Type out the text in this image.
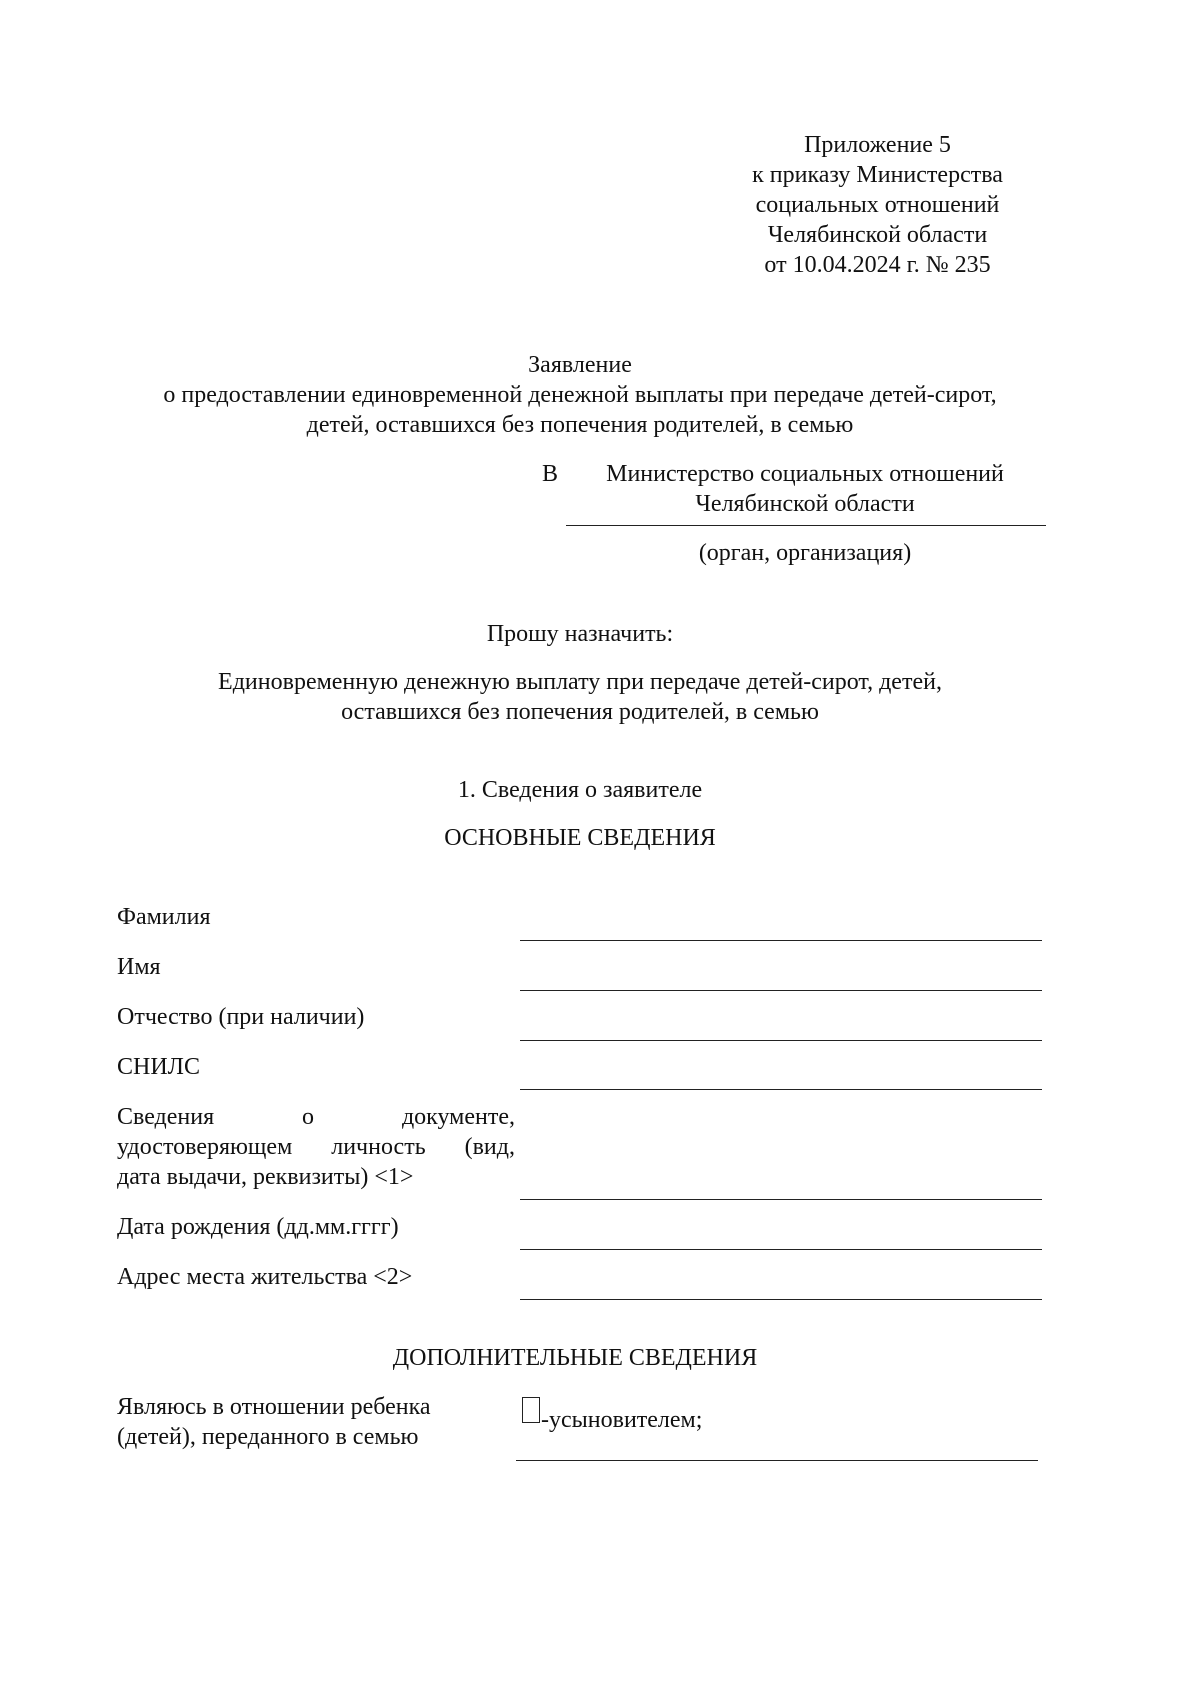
Приложение 5
к приказу Министерства
социальных отношений
Челябинской области
от 10.04.2024 г. № 235
Заявление
о предоставлении единовременной денежной выплаты при передаче детей-сирот,
детей, оставшихся без попечения родителей, в семью
В	Министерство социальных отношений
Челябинской области
(орган, организация)
Прошу назначить:
Единовременную денежную выплату при передаче детей-сирот, детей,
оставшихся без попечения родителей, в семью
1. Сведения о заявителе
ОСНОВНЫЕ СВЕДЕНИЯ
Фамилия
Имя
Отчество (при наличии)
СНИЛС
Сведения	о	документе,
удостоверяющем личность (вид,
дата выдачи, реквизиты) <1>
Дата рождения (дд.мм.гггг)
Адрес места жительства <2>
ДОПОЛНИТЕЛЬНЫЕ СВЕДЕНИЯ
Являюсь в отношении ребенка
(детей), переданного в семью
-усыновителем;
